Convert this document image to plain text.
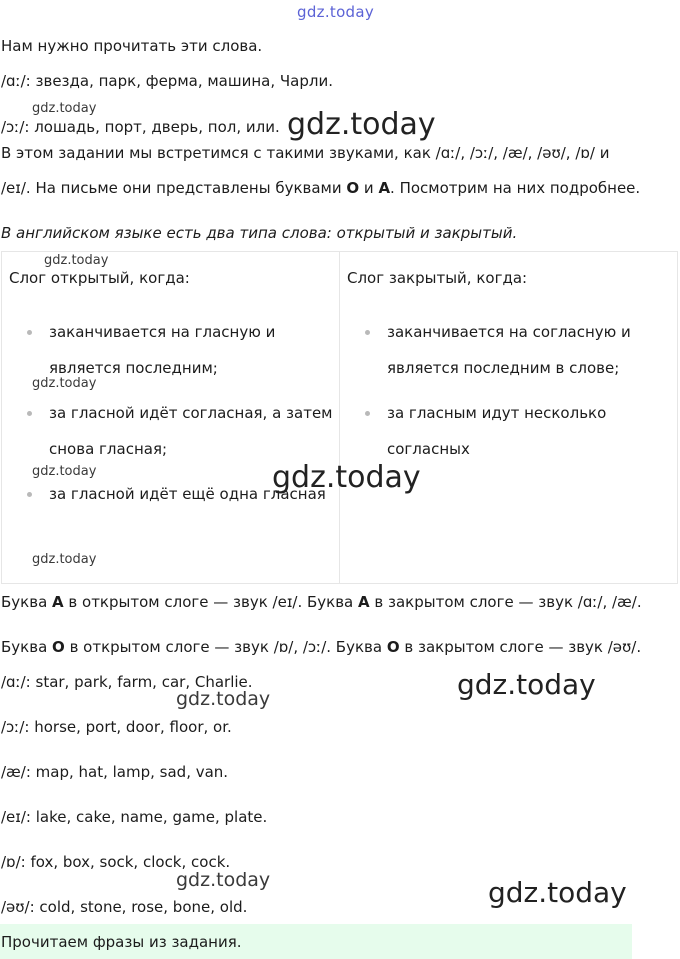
gdz.today

Нам нужно прочитать эти слова.

/ɑː/: звезда, парк, ферма, машина, Чарли.

/ɔː/: лошадь, порт, дверь, пол, или.

В этом задании мы встретимся с такими звуками, как /ɑː/, /ɔː/, /æ/, /əʊ/, /ɒ/ и

/eɪ/. На письме они представлены буквами O и A. Посмотрим на них подробнее.

В английском языке есть два типа слова: открытый и закрытый.

Слог открытый, когда:

заканчивается на гласную и является последним;
за гласной идёт согласная, а затем снова гласная;
за гласной идёт ещё одна гласная

Слог закрытый, когда:

заканчивается на согласную и является последним в слове;
за гласным идут несколько согласных

Буква A в открытом слоге — звук /eɪ/. Буква A в закрытом слоге — звук /ɑː/, /æ/.

Буква O в открытом слоге — звук /ɒ/, /ɔː/. Буква O в закрытом слоге — звук /əʊ/.

/ɑː/: star, park, farm, car, Charlie.

/ɔː/: horse, port, door, floor, or.

/æ/: map, hat, lamp, sad, van.

/eɪ/: lake, cake, name, game, plate.

/ɒ/: fox, box, sock, clock, cock.

/əʊ/: cold, stone, rose, bone, old.

Прочитаем фразы из задания.
gdz.today	gdz.today
gdz.today
gdz.today
gdz.today	gdz.today
gdz.today
gdz.today
gdz.today
gdz.today	gdz.today
